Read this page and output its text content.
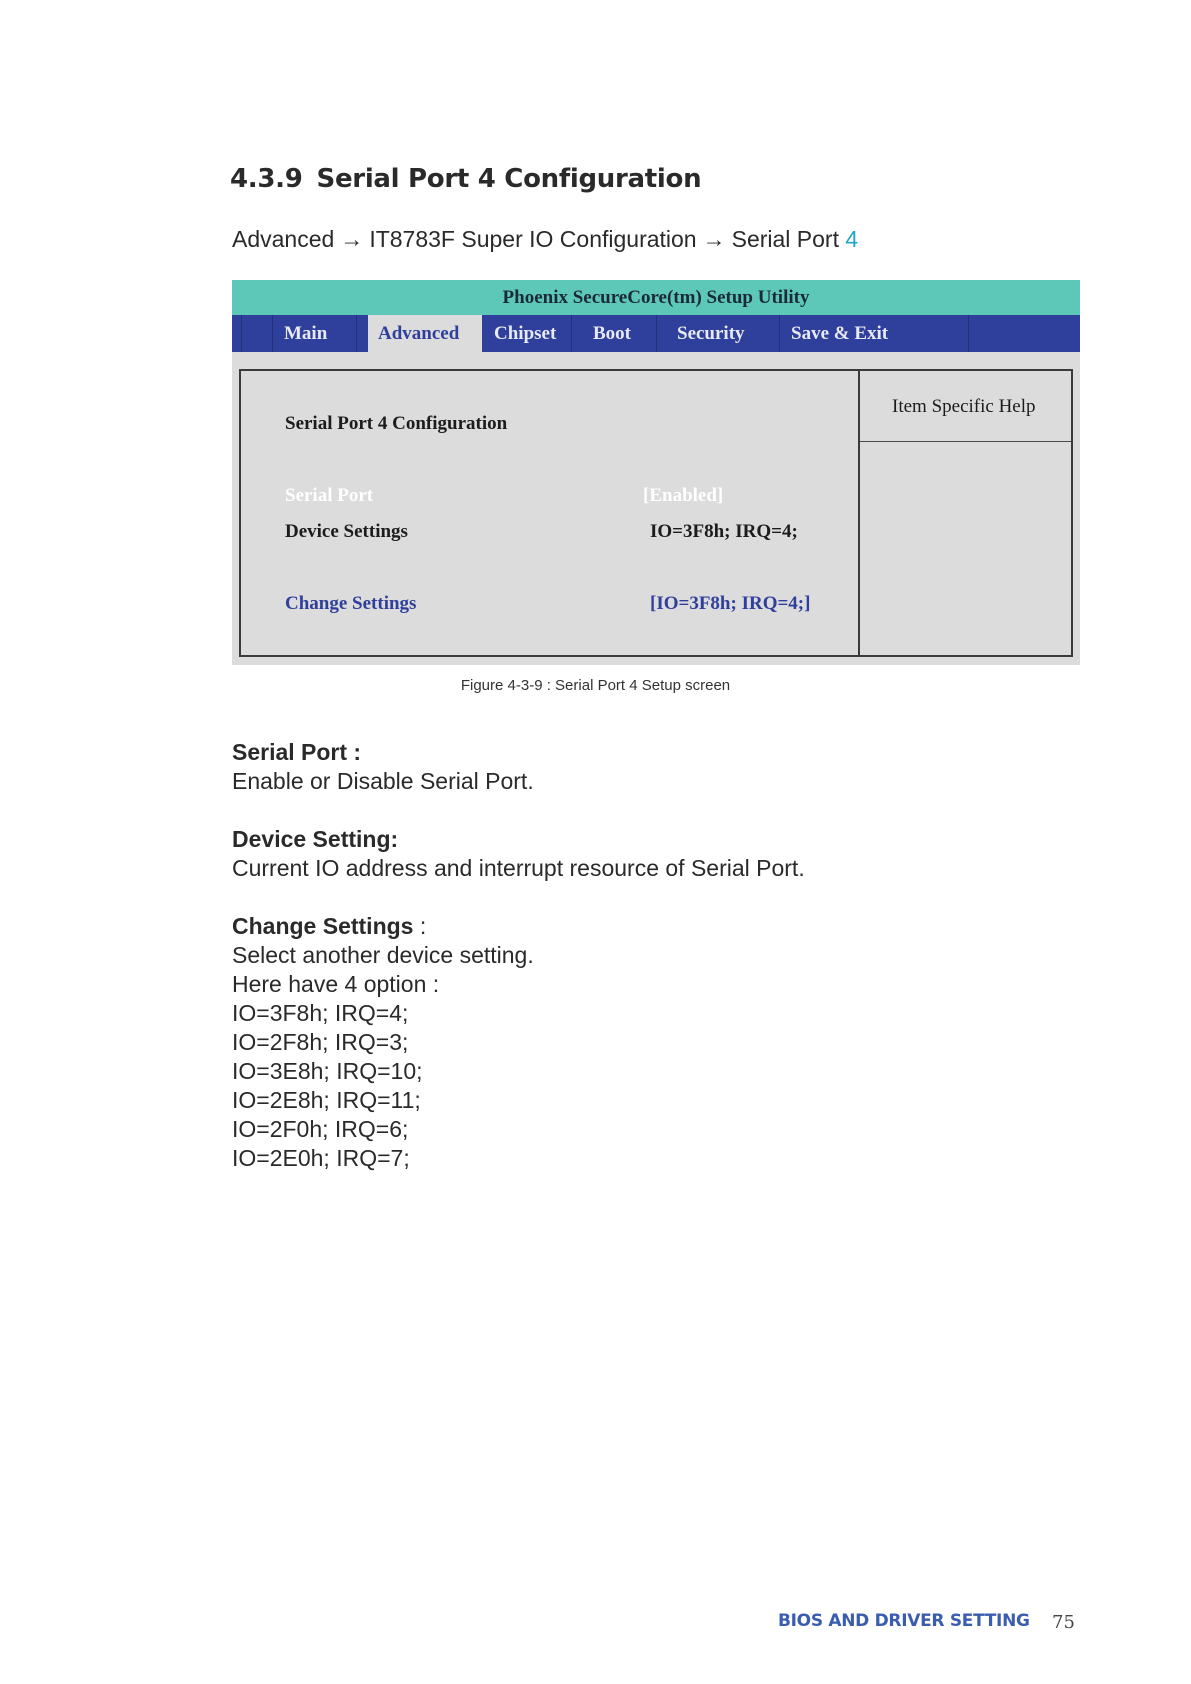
4.3.9 Serial Port 4 Configuration
Advanced → IT8783F Super IO Configuration → Serial Port 4
Phoenix SecureCore(tm) Setup Utility
Main	Advanced	Chipset Boot Security Save & Exit
Serial Port 4 Configuration
Item Specific Help
Serial Port	[Enabled]
Device Settings	IO=3F8h; IRQ=4;
Change Settings	[IO=3F8h; IRQ=4;]
Figure 4-3-9 : Serial Port 4 Setup screen
Serial Port :
Enable or Disable Serial Port.
Device Setting:
Current IO address and interrupt resource of Serial Port.
Change Settings :
Select another device setting.
Here have 4 option :
IO=3F8h; IRQ=4;
IO=2F8h; IRQ=3;
IO=3E8h; IRQ=10;
IO=2E8h; IRQ=11;
IO=2F0h; IRQ=6;
IO=2E0h; IRQ=7;
BIOS AND DRIVER SETTING 75
